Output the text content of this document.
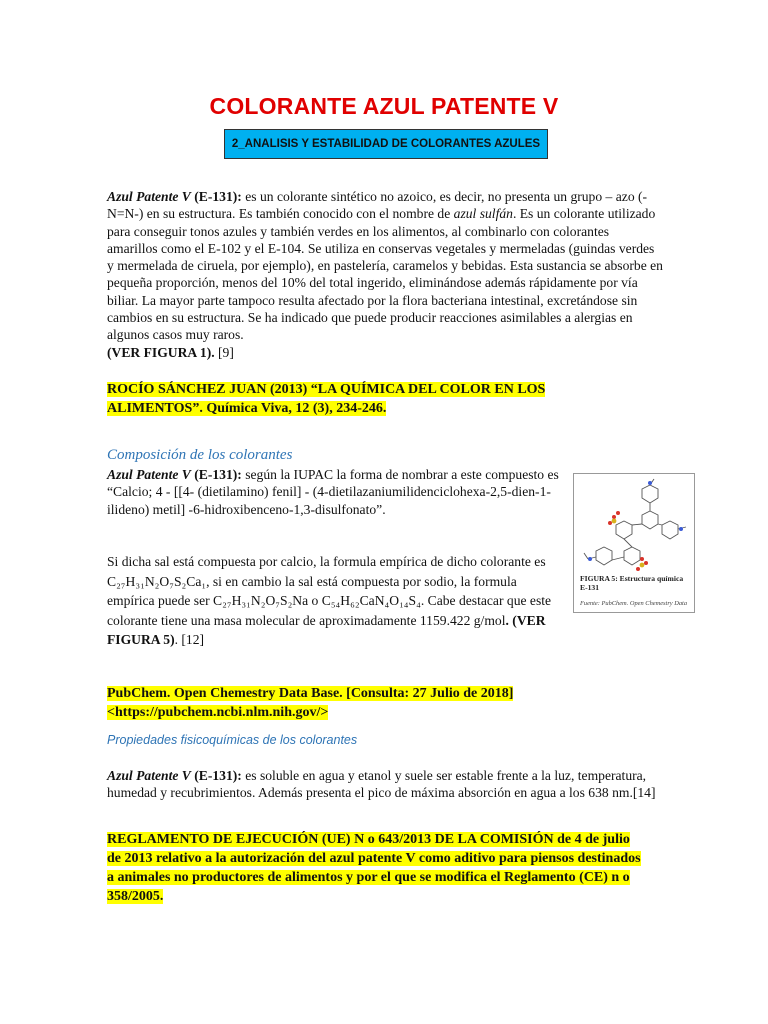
COLORANTE AZUL PATENTE V
2_ANALISIS Y ESTABILIDAD DE COLORANTES AZULES
Azul Patente V (E-131): es un colorante sintético no azoico, es decir, no presenta un grupo – azo (-N=N-) en su estructura. Es también conocido con el nombre de azul sulfán. Es un colorante utilizado para conseguir tonos azules y también verdes en los alimentos, al combinarlo con colorantes amarillos como el E-102 y el E-104. Se utiliza en conservas vegetales y mermeladas (guindas verdes y mermelada de ciruela, por ejemplo), en pastelería, caramelos y bebidas. Esta sustancia se absorbe en pequeña proporción, menos del 10% del total ingerido, eliminándose además rápidamente por vía biliar. La mayor parte tampoco resulta afectado por la flora bacteriana intestinal, excretándose sin cambios en su estructura. Se ha indicado que puede producir reacciones asimilables a alergias en algunos casos muy raros.
(VER FIGURA 1). [9]
ROCÍO SÁNCHEZ JUAN (2013) “LA QUÍMICA DEL COLOR EN LOS
ALIMENTOS”. Química Viva, 12 (3), 234-246.
Composición de los colorantes
Azul Patente V (E-131): según la IUPAC la forma de nombrar a este compuesto es “Calcio; 4 - [[4- (dietilamino) fenil] - (4-dietilazaniumilidenciclohexa-2,5-dien-1-ilideno) metil] -6-hidroxibenceno-1,3-disulfonato”.
Si dicha sal está compuesta por calcio, la formula empírica de dicho colorante es C₂₇H₃₁N₂O₇S₂Ca₁, si en cambio la sal está compuesta por sodio, la formula empírica puede ser C₂₇H₃₁N₂O₇S₂Na o C₅₄H₆₂CaN₄O₁₄S₄. Cabe destacar que este colorante tiene una masa molecular de aproximadamente 1159.422 g/mol. (VER FIGURA 5). [12]
FIGURA 5: Estructura química E-131
Fuente: PubChem. Open Chemestry Data
PubChem. Open Chemestry Data Base. [Consulta: 27 Julio de 2018]
<https://pubchem.ncbi.nlm.nih.gov/>
Propiedades fisicoquímicas de los colorantes
Azul Patente V (E-131): es soluble en agua y etanol y suele ser estable frente a la luz, temperatura, humedad y recubrimientos. Además presenta el pico de máxima absorción en agua a los 638 nm.[14]
REGLAMENTO DE EJECUCIÓN (UE) N o 643/2013 DE LA COMISIÓN de 4 de julio
de 2013 relativo a la autorización del azul patente V como aditivo para piensos destinados
a animales no productores de alimentos y por el que se modifica el Reglamento (CE) n o
358/2005.
